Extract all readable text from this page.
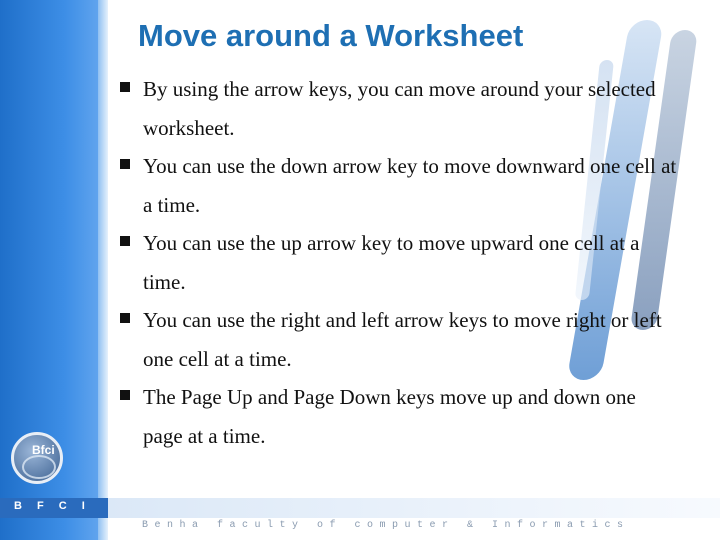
Bfci
B F C I
Benha faculty of computer & Informatics
Move around a Worksheet
By using the arrow keys, you can move around your selected worksheet.
You can use the down arrow key to move downward one cell at a time.
You can use the up arrow key to move upward one cell at a time.
You can use the right and left arrow keys to move right or left one cell at a time.
The Page Up and Page Down keys move up and down one page at a time.
